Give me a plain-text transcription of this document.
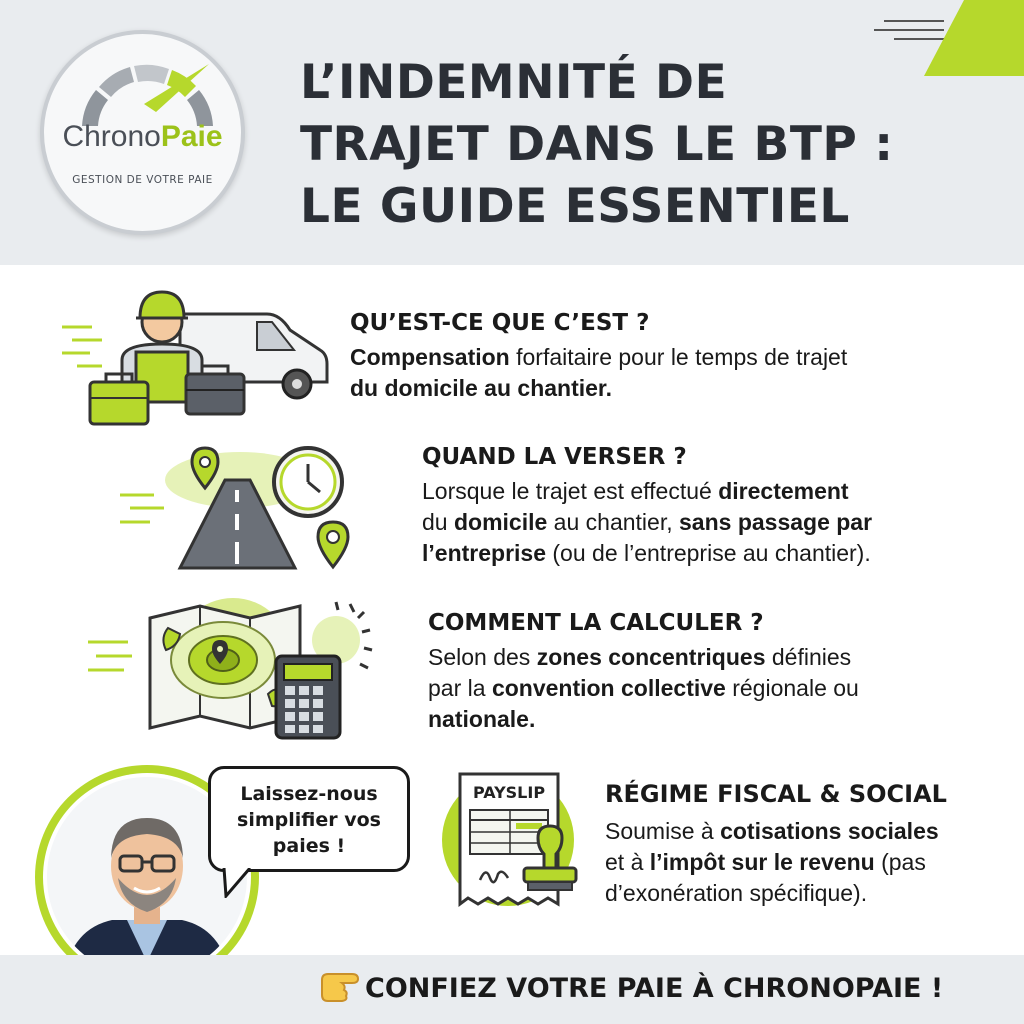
ChronoPaie
GESTION DE VOTRE PAIE
L’INDEMNITÉ DE
TRAJET DANS LE BTP :
LE GUIDE ESSENTIEL
QU’EST-CE QUE C’EST ?
Compensation forfaitaire pour le temps de trajet
du domicile au chantier.
QUAND LA VERSER ?
Lorsque le trajet est effectué directement
du domicile au chantier, sans passage par
l’entreprise (ou de l’entreprise au chantier).
COMMENT LA CALCULER ?
Selon des zones concentriques définies
par la convention collective régionale ou
nationale.
Laissez-nous
simplifier vos
paies !
PAYSLIP RÉGIME FISCAL & SOCIAL
Soumise à cotisations sociales
et à l’impôt sur le revenu (pas
d’exonération spécifique).
CONFIEZ VOTRE PAIE À CHRONOPAIE !
